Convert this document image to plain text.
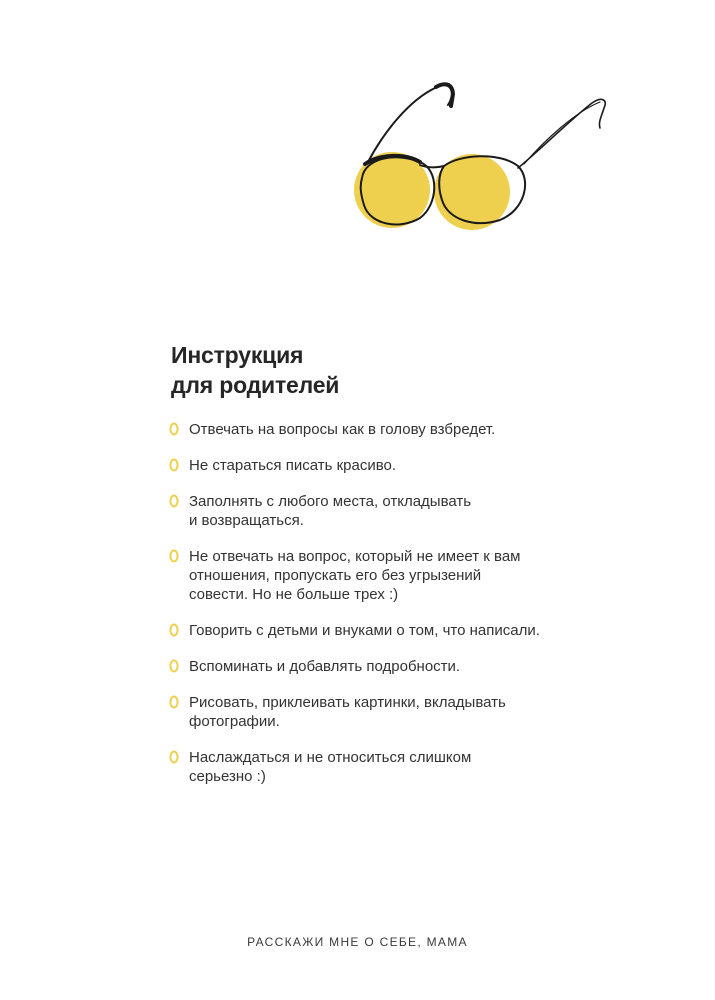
Инструкция
для родителей
Отвечать на вопросы как в голову взбредет.
Не стараться писать красиво.
Заполнять с любого места, откладывать
и возвращаться.
Не отвечать на вопрос, который не имеет к вам
отношения, пропускать его без угрызений
совести. Но не больше трех :)
Говорить с детьми и внуками о том, что написали.
Вспоминать и добавлять подробности.
Рисовать, приклеивать картинки, вкладывать
фотографии.
Наслаждаться и не относиться слишком
серьезно :)
РАССКАЖИ МНЕ О СЕБЕ, МАМА
